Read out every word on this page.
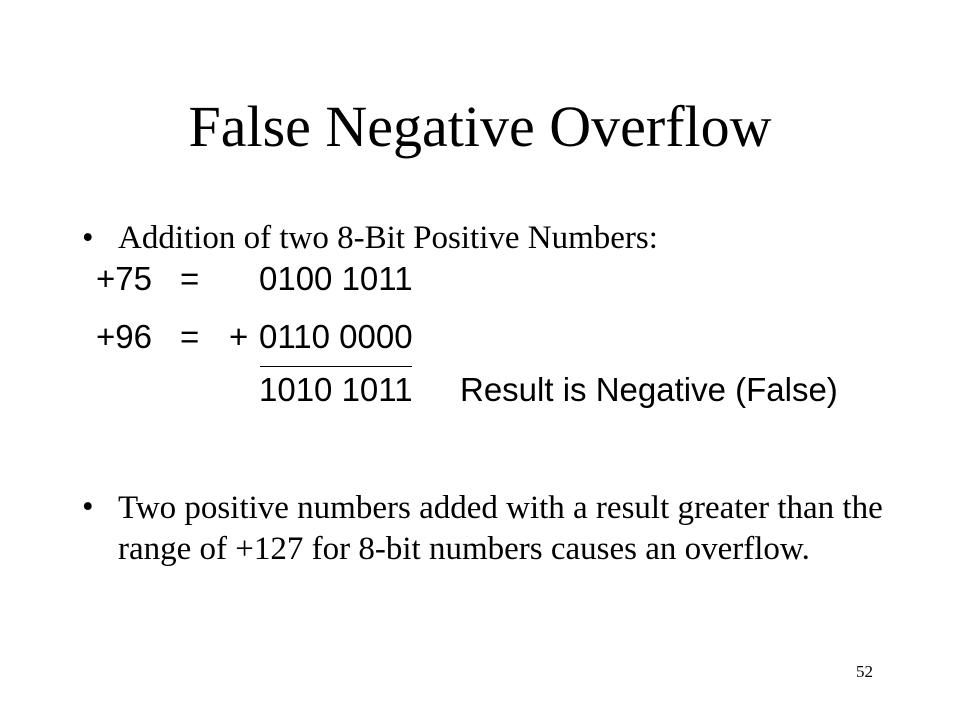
False Negative Overflow
• Addition of two 8-Bit Positive Numbers:
+75 = 0100 1011
+96 = + 0110 0000
1010 1011 Result is Negative (False)
• Two positive numbers added with a result greater than the range of +127 for 8-bit numbers causes an overflow.
52
